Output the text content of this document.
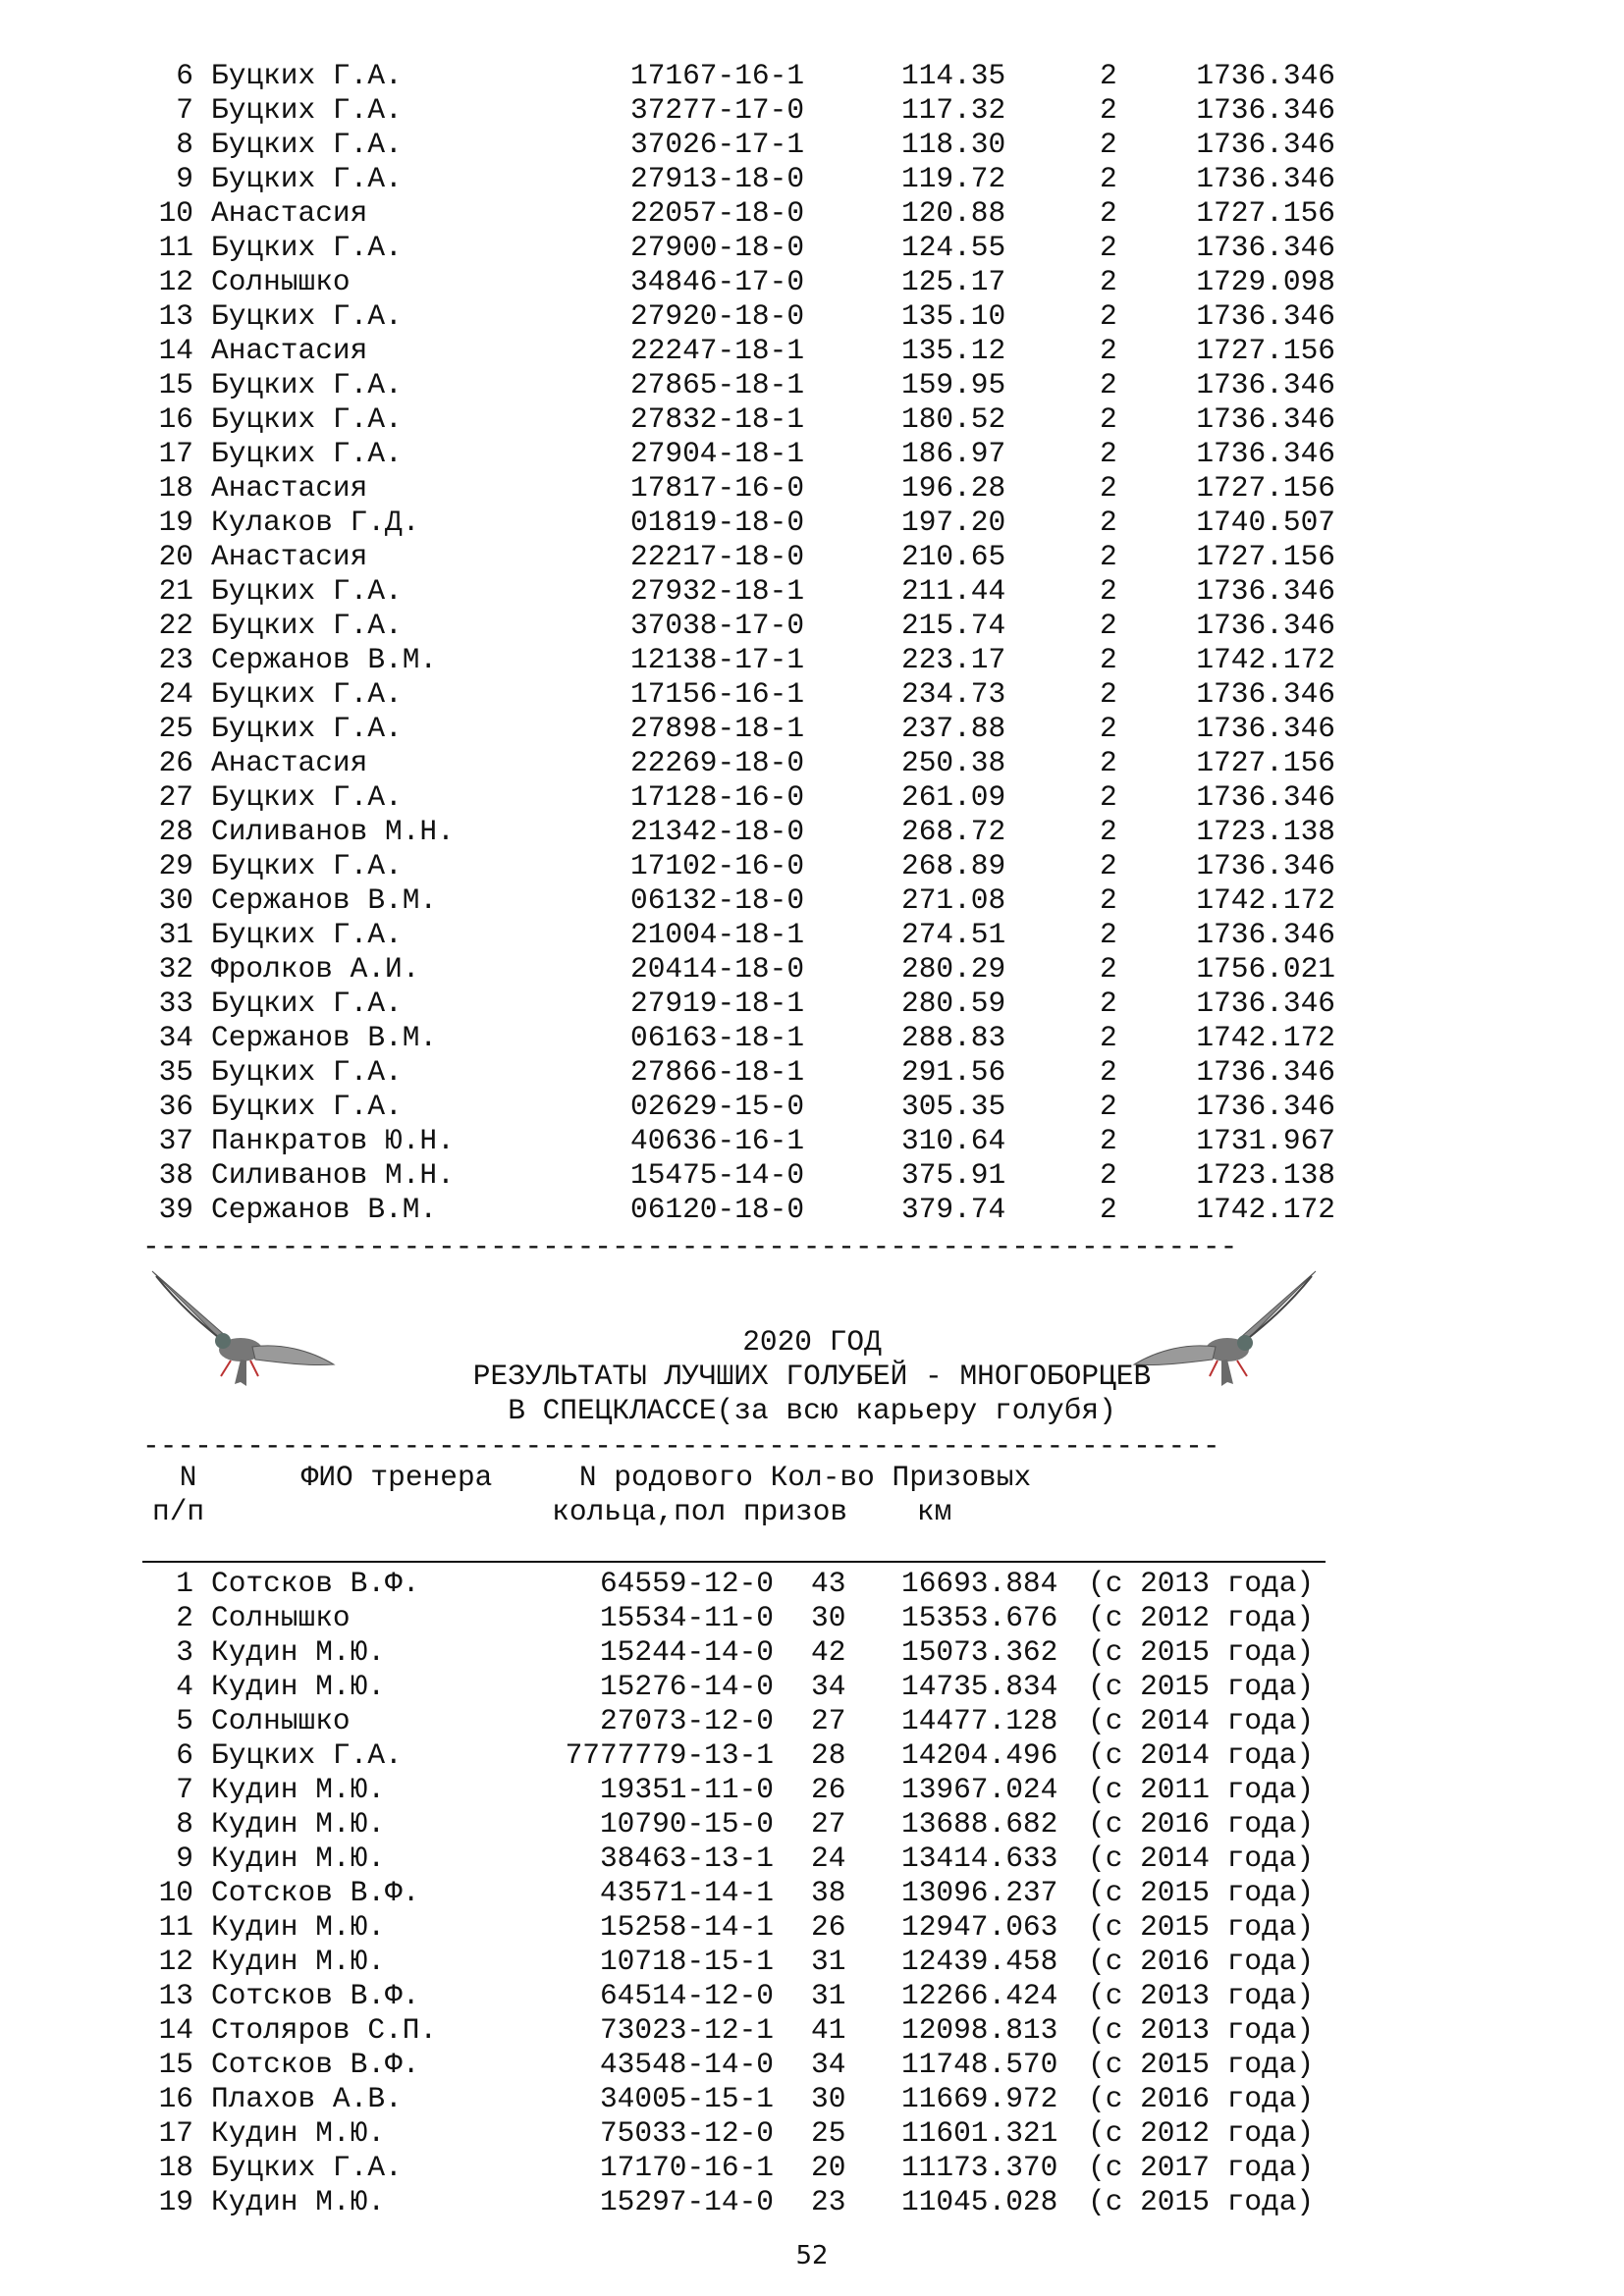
6 Буцких Г.А.	17167-16-1	114.35	2	1736.346
7 Буцких Г.А.	37277-17-0	117.32	2	1736.346
8 Буцких Г.А.	37026-17-1	118.30	2	1736.346
9 Буцких Г.А.	27913-18-0	119.72	2	1736.346
10 Анастасия	22057-18-0	120.88	2	1727.156
11 Буцких Г.А.	27900-18-0	124.55	2	1736.346
12 Солнышко	34846-17-0	125.17	2	1729.098
13 Буцких Г.А.	27920-18-0	135.10	2	1736.346
14 Анастасия	22247-18-1	135.12	2	1727.156
15 Буцких Г.А.	27865-18-1	159.95	2	1736.346
16 Буцких Г.А.	27832-18-1	180.52	2	1736.346
17 Буцких Г.А.	27904-18-1	186.97	2	1736.346
18 Анастасия	17817-16-0	196.28	2	1727.156
19 Кулаков Г.Д.	01819-18-0	197.20	2	1740.507
20 Анастасия	22217-18-0	210.65	2	1727.156
21 Буцких Г.А.	27932-18-1	211.44	2	1736.346
22 Буцких Г.А.	37038-17-0	215.74	2	1736.346
23 Сержанов В.М.	12138-17-1	223.17	2	1742.172
24 Буцких Г.А.	17156-16-1	234.73	2	1736.346
25 Буцких Г.А.	27898-18-1	237.88	2	1736.346
26 Анастасия	22269-18-0	250.38	2	1727.156
27 Буцких Г.А.	17128-16-0	261.09	2	1736.346
28 Силиванов М.Н.	21342-18-0	268.72	2	1723.138
29 Буцких Г.А.	17102-16-0	268.89	2	1736.346
30 Сержанов В.М.	06132-18-0	271.08	2	1742.172
31 Буцких Г.А.	21004-18-1	274.51	2	1736.346
32 Фролков А.И.	20414-18-0	280.29	2	1756.021
33 Буцких Г.А.	27919-18-1	280.59	2	1736.346
34 Сержанов В.М.	06163-18-1	288.83	2	1742.172
35 Буцких Г.А.	27866-18-1	291.56	2	1736.346
36 Буцких Г.А.	02629-15-0	305.35	2	1736.346
37 Панкратов Ю.Н.	40636-16-1	310.64	2	1731.967
38 Силиванов М.Н.	15475-14-0	375.91	2	1723.138
39 Сержанов В.М.	06120-18-0	379.74	2	1742.172
---------------------------------------------------------------
2020 ГОД
РЕЗУЛЬТАТЫ ЛУЧШИХ ГОЛУБЕЙ - МНОГОБОРЦЕВ
В СПЕЦКЛАССЕ(за всю карьеру голубя)
--------------------------------------------------------------
N      ФИО тренера     N родового Кол-во Призовых
п/п                    кольца,пол призов    км
1 Сотсков В.Ф.	64559-12-0 43 16693.884 (с 2013 года)
2 Солнышко	15534-11-0 30 15353.676 (с 2012 года)
3 Кудин М.Ю.	15244-14-0 42 15073.362 (с 2015 года)
4 Кудин М.Ю.	15276-14-0 34 14735.834 (с 2015 года)
5 Солнышко	27073-12-0 27 14477.128 (с 2014 года)
6 Буцких Г.А.	7777779-13-1 28 14204.496 (с 2014 года)
7 Кудин М.Ю.	19351-11-0 26 13967.024 (с 2011 года)
8 Кудин М.Ю.	10790-15-0 27 13688.682 (с 2016 года)
9 Кудин М.Ю.	38463-13-1 24 13414.633 (с 2014 года)
10 Сотсков В.Ф.	43571-14-1 38 13096.237 (с 2015 года)
11 Кудин М.Ю.	15258-14-1 26 12947.063 (с 2015 года)
12 Кудин М.Ю.	10718-15-1 31 12439.458 (с 2016 года)
13 Сотсков В.Ф.	64514-12-0 31 12266.424 (с 2013 года)
14 Столяров С.П.	73023-12-1 41 12098.813 (с 2013 года)
15 Сотсков В.Ф.	43548-14-0 34 11748.570 (с 2015 года)
16 Плахов А.В.	34005-15-1 30 11669.972 (с 2016 года)
17 Кудин М.Ю.	75033-12-0 25 11601.321 (с 2012 года)
18 Буцких Г.А.	17170-16-1 20 11173.370 (с 2017 года)
19 Кудин М.Ю.	15297-14-0 23 11045.028 (с 2015 года)
52
